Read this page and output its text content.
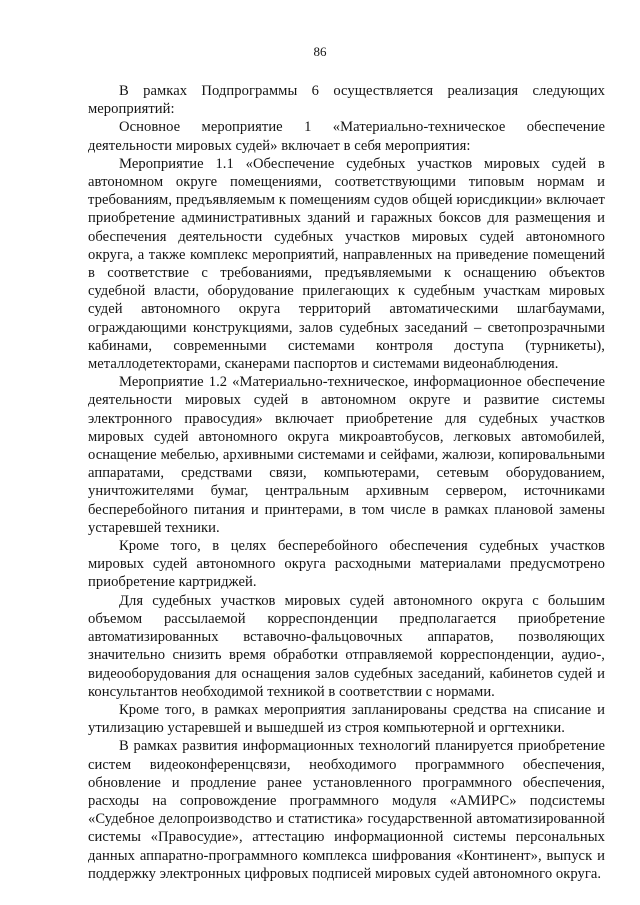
86

В рамках Подпрограммы 6 осуществляется реализация следующих мероприятий:

Основное мероприятие 1 «Материально-техническое обеспечение деятельности мировых судей» включает в себя мероприятия:

Мероприятие 1.1 «Обеспечение судебных участков мировых судей в автономном округе помещениями, соответствующими типовым нормам и требованиям, предъявляемым к помещениям судов общей юрисдикции» включает приобретение административных зданий и гаражных боксов для размещения и обеспечения деятельности судебных участков мировых судей автономного округа, а также комплекс мероприятий, направленных на приведение помещений в соответствие с требованиями, предъявляемыми к оснащению объектов судебной власти, оборудование прилегающих к судебным участкам мировых судей автономного округа территорий автоматическими шлагбаумами, ограждающими конструкциями, залов судебных заседаний – светопрозрачными кабинами, современными системами контроля доступа (турникеты), металлодетекторами, сканерами паспортов и системами видеонаблюдения.

Мероприятие 1.2 «Материально-техническое, информационное обеспечение деятельности мировых судей в автономном округе и развитие системы электронного правосудия» включает приобретение для судебных участков мировых судей автономного округа микроавтобусов, легковых автомобилей, оснащение мебелью, архивными системами и сейфами, жалюзи, копировальными аппаратами, средствами связи, компьютерами, сетевым оборудованием, уничтожителями бумаг, центральным архивным сервером, источниками бесперебойного питания и принтерами, в том числе в рамках плановой замены устаревшей техники.

Кроме того, в целях бесперебойного обеспечения судебных участков мировых судей автономного округа расходными материалами предусмотрено приобретение картриджей.

Для судебных участков мировых судей автономного округа с большим объемом рассылаемой корреспонденции предполагается приобретение автоматизированных вставочно-фальцовочных аппаратов, позволяющих значительно снизить время обработки отправляемой корреспонденции, аудио-, видеооборудования для оснащения залов судебных заседаний, кабинетов судей и консультантов необходимой техникой в соответствии с нормами.

Кроме того, в рамках мероприятия запланированы средства на списание и утилизацию устаревшей и вышедшей из строя компьютерной и оргтехники.

В рамках развития информационных технологий планируется приобретение систем видеоконференцсвязи, необходимого программного обеспечения, обновление и продление ранее установленного программного обеспечения, расходы на сопровождение программного модуля «АМИРС» подсистемы «Судебное делопроизводство и статистика» государственной автоматизированной системы «Правосудие», аттестацию информационной системы персональных данных аппаратно-программного комплекса шифрования «Континент», выпуск и поддержку электронных цифровых подписей мировых судей автономного округа.
